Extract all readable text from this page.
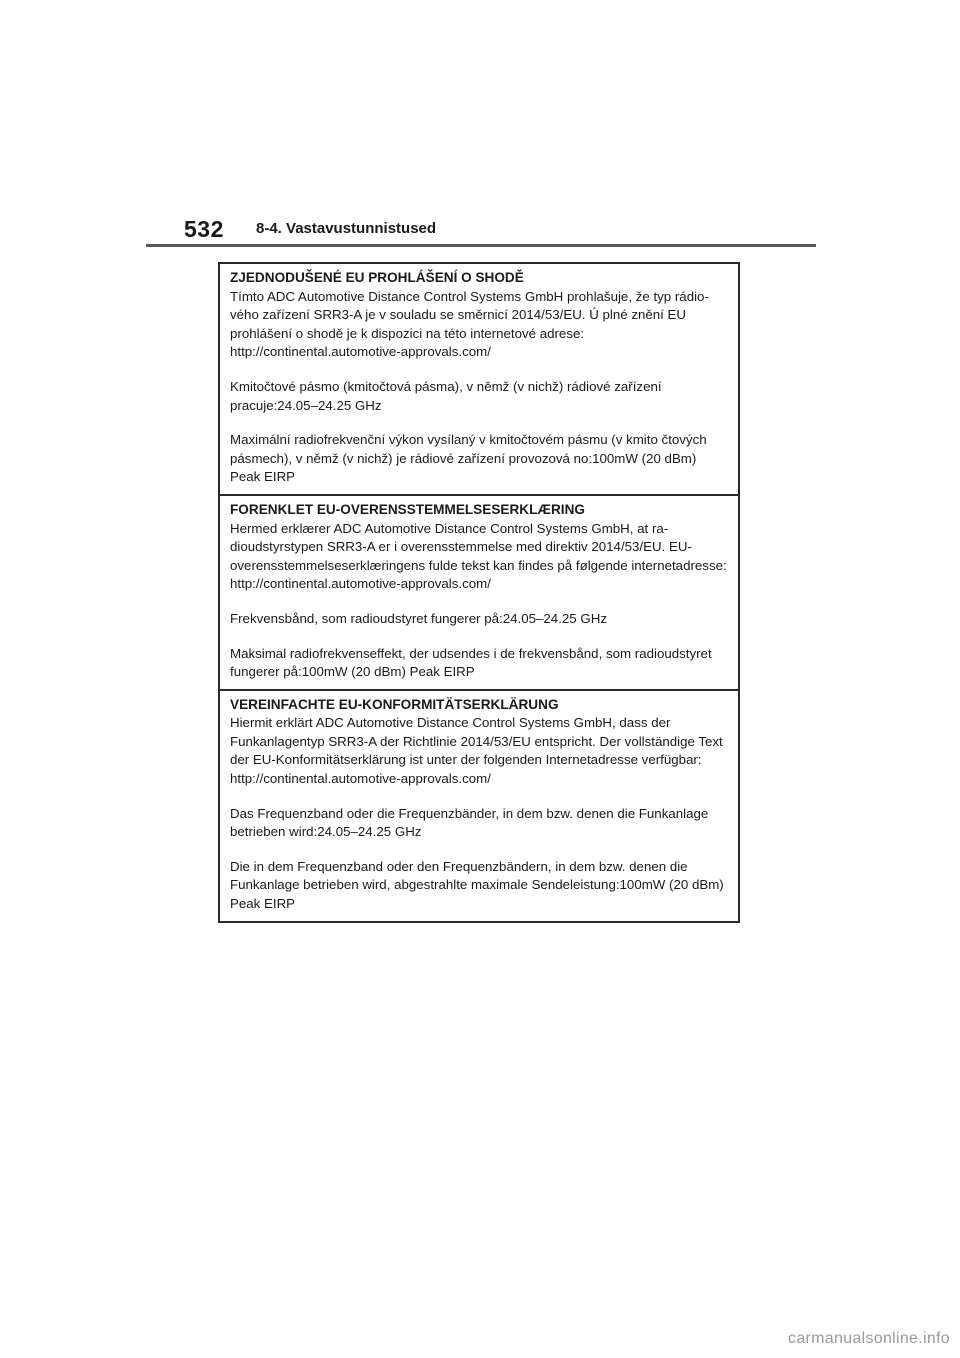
532 8-4. Vastavustunnistused
ZJEDNODUŠENÉ EU PROHLÁŠENÍ O SHODĚ

Tímto ADC Automotive Distance Control Systems GmbH prohlašuje, že typ rádio-vého zařízení SRR3-A je v souladu se směrnicí 2014/53/EU. Ú plné znění EU prohlášení o shodě je k dispozici na této internetové adrese:

http://continental.automotive-approvals.com/

Kmitočtové pásmo (kmitočtová pásma), v němž (v nichž) rádiové zařízení pracuje:24.05–24.25 GHz

Maximální radiofrekvenční výkon vysílaný v kmitočtovém pásmu (v kmito čtových pásmech), v němž (v nichž) je rádiové zařízení provozová no:100mW (20 dBm) Peak EIRP

FORENKLET EU-OVERENSSTEMMELSESERKLÆRING

Hermed erklærer ADC Automotive Distance Control Systems GmbH, at ra-dioudstyrstypen SRR3-A er i overensstemmelse med direktiv 2014/53/EU. EU-overensstemmelseserklæringens fulde tekst kan findes på følgende internetadresse:

http://continental.automotive-approvals.com/

Frekvensbånd, som radioudstyret fungerer på:24.05–24.25 GHz

Maksimal radiofrekvenseffekt, der udsendes i de frekvensbånd, som radioudstyret fungerer på:100mW (20 dBm) Peak EIRP

VEREINFACHTE EU-KONFORMITÄTSERKLÄRUNG

Hiermit erklärt ADC Automotive Distance Control Systems GmbH, dass der Funkanlagentyp SRR3-A der Richtlinie 2014/53/EU entspricht. Der vollständige Text der EU-Konformitätserklärung ist unter der folgenden Internetadresse verfügbar:

http://continental.automotive-approvals.com/

Das Frequenzband oder die Frequenzbänder, in dem bzw. denen die Funkanlage betrieben wird:24.05–24.25 GHz

Die in dem Frequenzband oder den Frequenzbändern, in dem bzw. denen die Funkanlage betrieben wird, abgestrahlte maximale Sendeleistung:100mW (20 dBm) Peak EIRP

carmanualsonline.info
